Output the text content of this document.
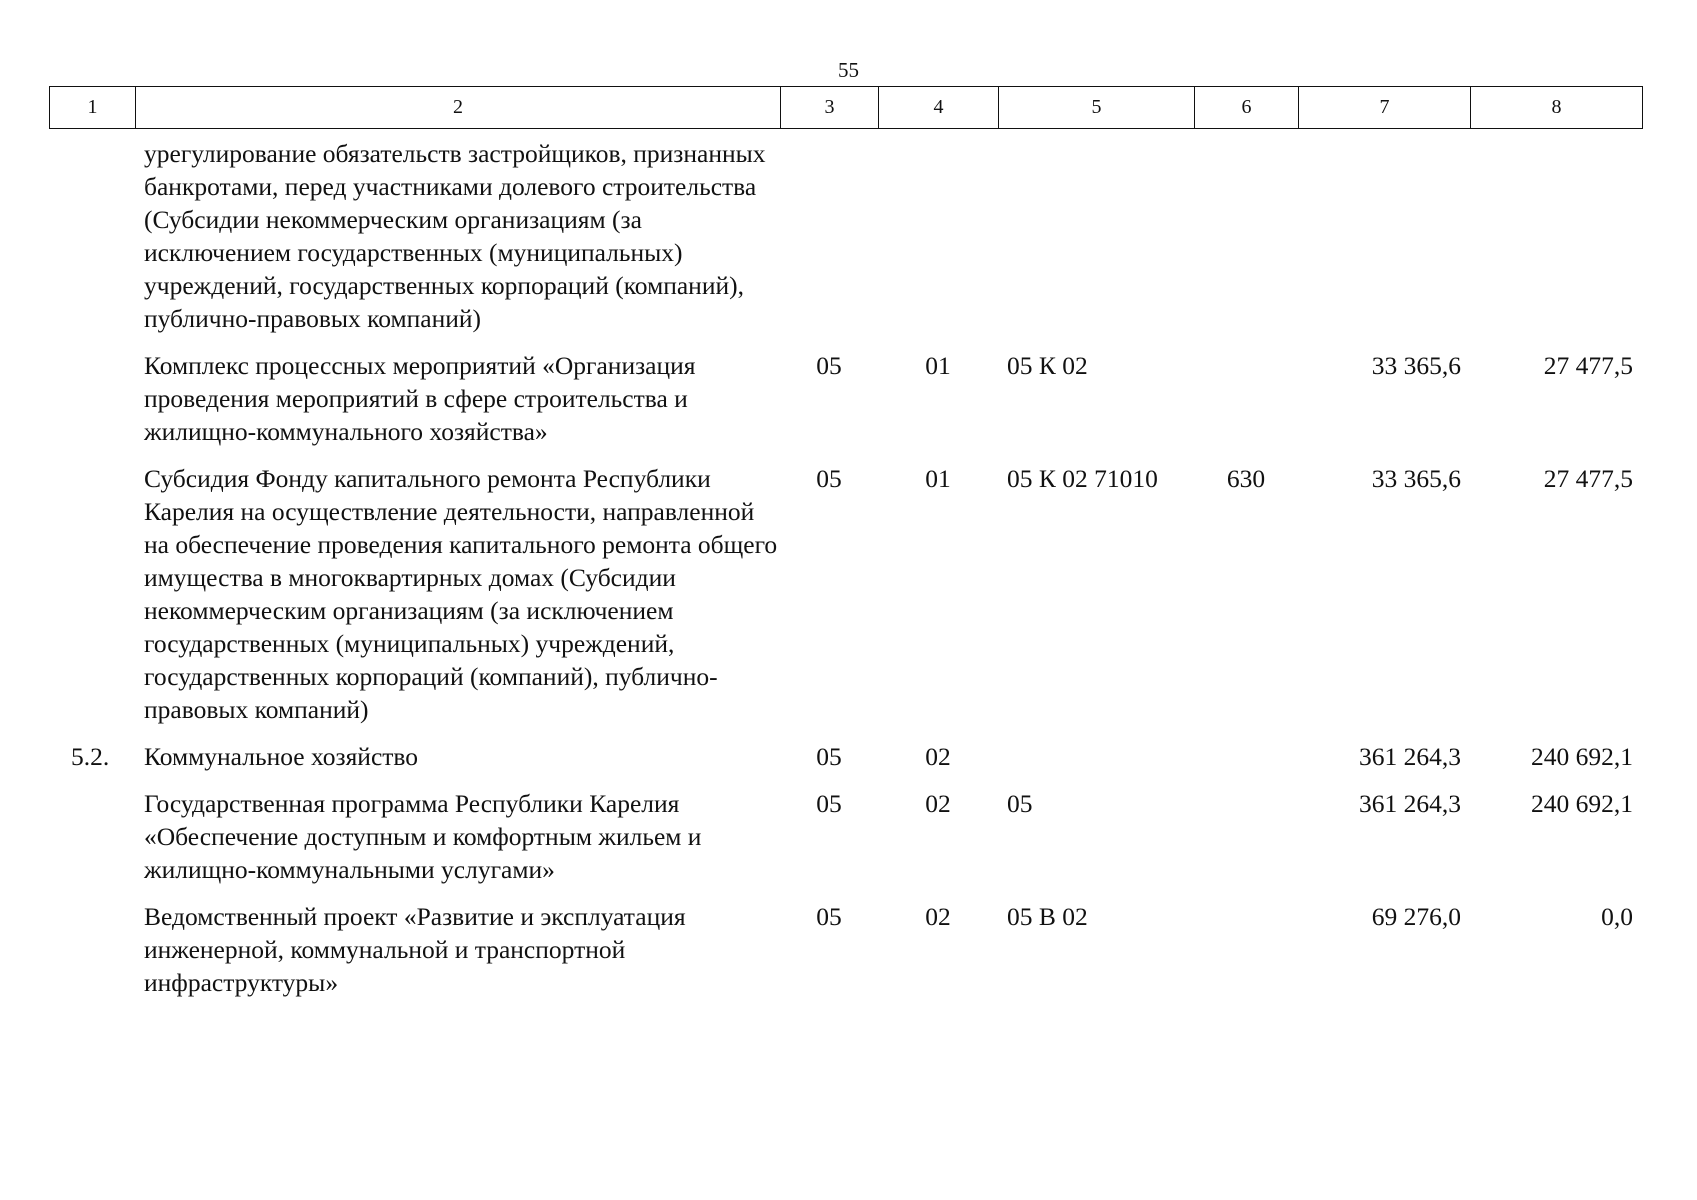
55
1	2	3	4	5	6	7	8
	урегулирование обязательств застройщиков, признанных банкротами, перед участниками долевого строительства (Субсидии некоммерческим организациям (за исключением государственных (муниципальных) учреждений, государственных корпораций (компаний), публично-правовых компаний)						
	Комплекс процессных мероприятий «Организация проведения мероприятий в сфере строительства и жилищно-коммунального хозяйства»	05	01	05 К 02		33 365,6	27 477,5
	Субсидия Фонду капитального ремонта Республики Карелия на осуществление деятельности, направленной на обеспечение проведения капитального ремонта общего имущества в многоквартирных домах (Субсидии некоммерческим организациям (за исключением государственных (муниципальных) учреждений, государственных корпораций (компаний), публично-правовых компаний)	05	01	05 К 02 71010	630	33 365,6	27 477,5
5.2.	Коммунальное хозяйство	05	02			361 264,3	240 692,1
	Государственная программа Республики Карелия «Обеспечение доступным и комфортным жильем и жилищно-коммунальными услугами»	05	02	05		361 264,3	240 692,1
	Ведомственный проект «Развитие и эксплуатация инженерной, коммунальной и транспортной инфраструктуры»	05	02	05 В 02		69 276,0	0,0
